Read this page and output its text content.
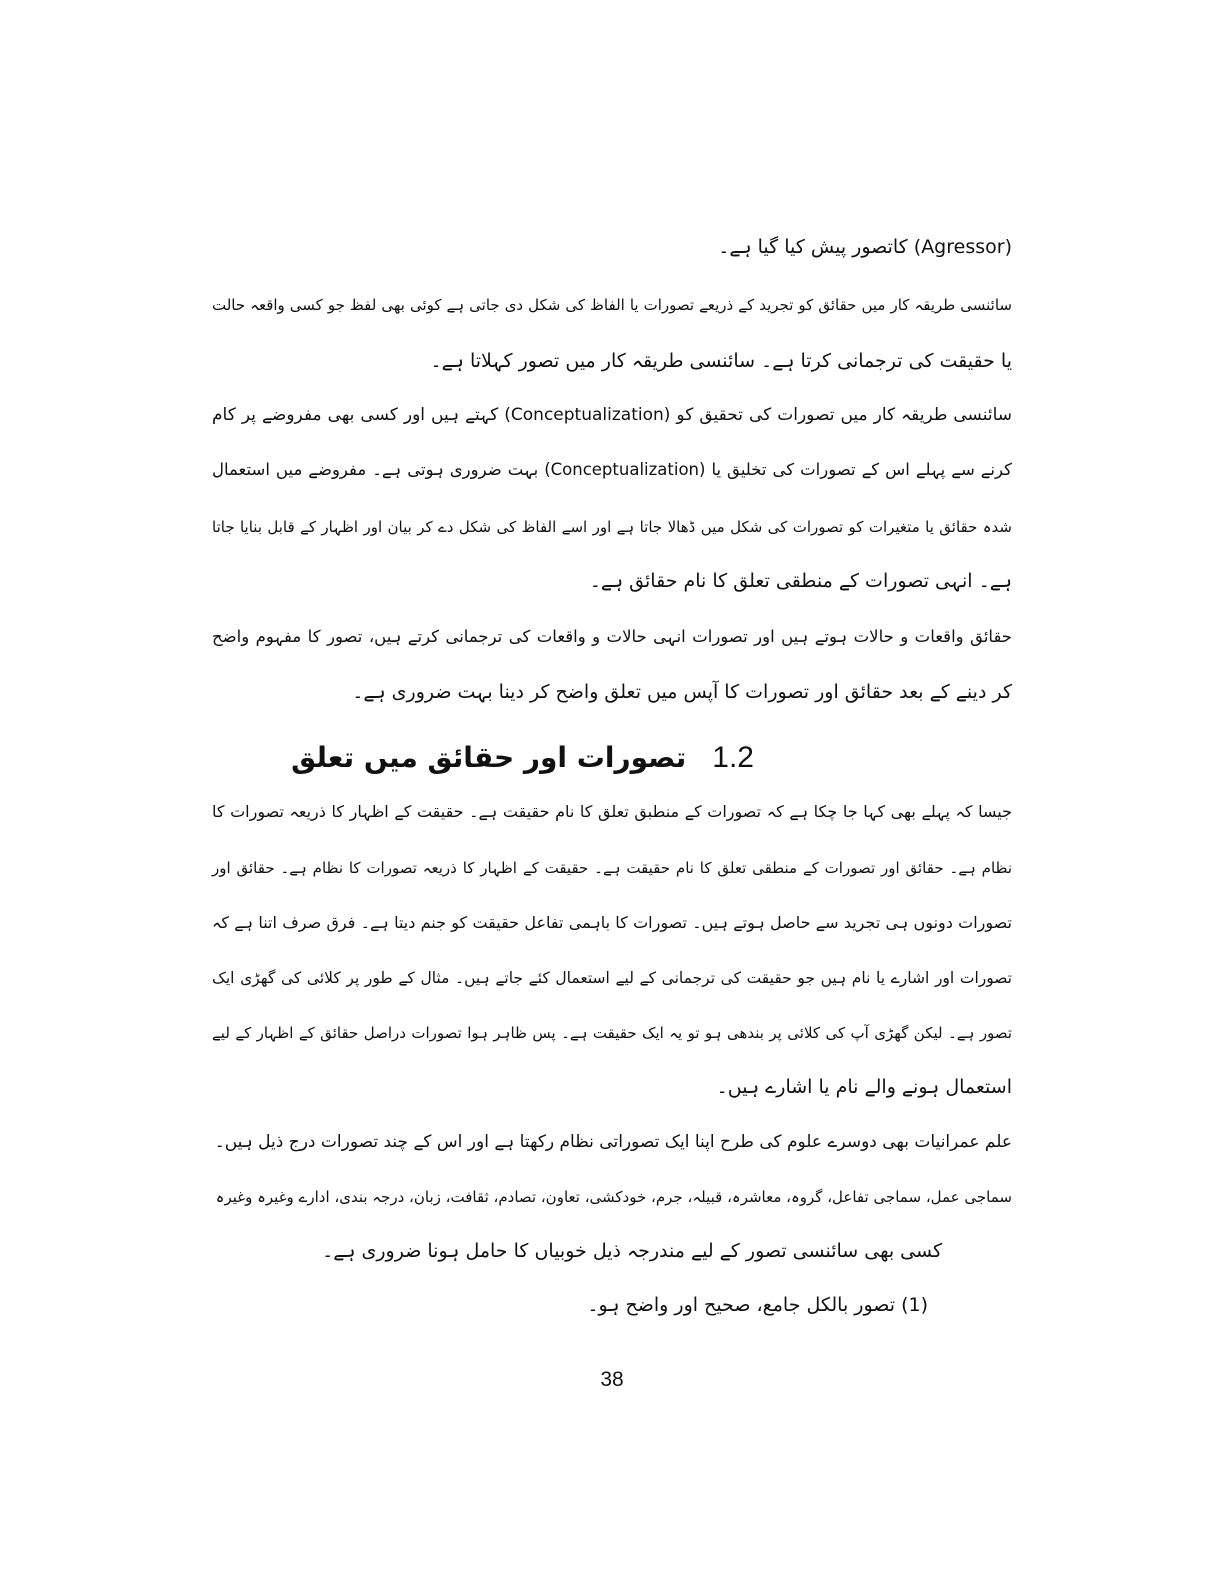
(Agressor) کاتصور پیش کیا گیا ہے۔
سائنسی طریقہ کار میں حقائق کو تجرید کے ذریعے تصورات یا الفاظ کی شکل دی جاتی ہے کوئی بھی لفظ جو کسی واقعہ حالت
یا حقیقت کی ترجمانی کرتا ہے۔ سائنسی طریقہ کار میں تصور کہلاتا ہے۔
سائنسی طریقہ کار میں تصورات کی تحقیق کو (Conceptualization) کہتے ہیں اور کسی بھی مفروضے پر کام
کرنے سے پہلے اس کے تصورات کی تخلیق یا (Conceptualization) بہت ضروری ہوتی ہے۔ مفروضے میں استعمال
شدہ حقائق یا متغیرات کو تصورات کی شکل میں ڈھالا جاتا ہے اور اسے الفاظ کی شکل دے کر بیان اور اظہار کے قابل بنایا جاتا
ہے۔ انہی تصورات کے منطقی تعلق کا نام حقائق ہے۔
حقائق واقعات و حالات ہوتے ہیں اور تصورات انہی حالات و واقعات کی ترجمانی کرتے ہیں، تصور کا مفہوم واضح
کر دینے کے بعد حقائق اور تصورات کا آپس میں تعلق واضح کر دینا بہت ضروری ہے۔
1.2تصورات اور حقائق میں تعلق
جیسا کہ پہلے بھی کہا جا چکا ہے کہ تصورات کے منطبق تعلق کا نام حقیقت ہے۔ حقیقت کے اظہار کا ذریعہ تصورات کا
نظام ہے۔ حقائق اور تصورات کے منطقی تعلق کا نام حقیقت ہے۔ حقیقت کے اظہار کا ذریعہ تصورات کا نظام ہے۔ حقائق اور
تصورات دونوں ہی تجرید سے حاصل ہوتے ہیں۔ تصورات کا باہمی تفاعل حقیقت کو جنم دیتا ہے۔ فرق صرف اتنا ہے کہ
تصورات اور اشارے یا نام ہیں جو حقیقت کی ترجمانی کے لیے استعمال کئے جاتے ہیں۔ مثال کے طور پر کلائی کی گھڑی ایک
تصور ہے۔ لیکن گھڑی آپ کی کلائی پر بندھی ہو تو یہ ایک حقیقت ہے۔ پس ظاہر ہوا تصورات دراصل حقائق کے اظہار کے لیے
استعمال ہونے والے نام یا اشارے ہیں۔
علم عمرانیات بھی دوسرے علوم کی طرح اپنا ایک تصوراتی نظام رکھتا ہے اور اس کے چند تصورات درج ذیل ہیں۔
سماجی عمل، سماجی تفاعل، گروہ، معاشرہ، قبیلہ، جرم، خودکشی، تعاون، تصادم، ثقافت، زبان، درجہ بندی، ادارے وغیرہ وغیرہ
کسی بھی سائنسی تصور کے لیے مندرجہ ذیل خوبیاں کا حامل ہونا ضروری ہے۔
(1) تصور بالکل جامع، صحیح اور واضح ہو۔
38
